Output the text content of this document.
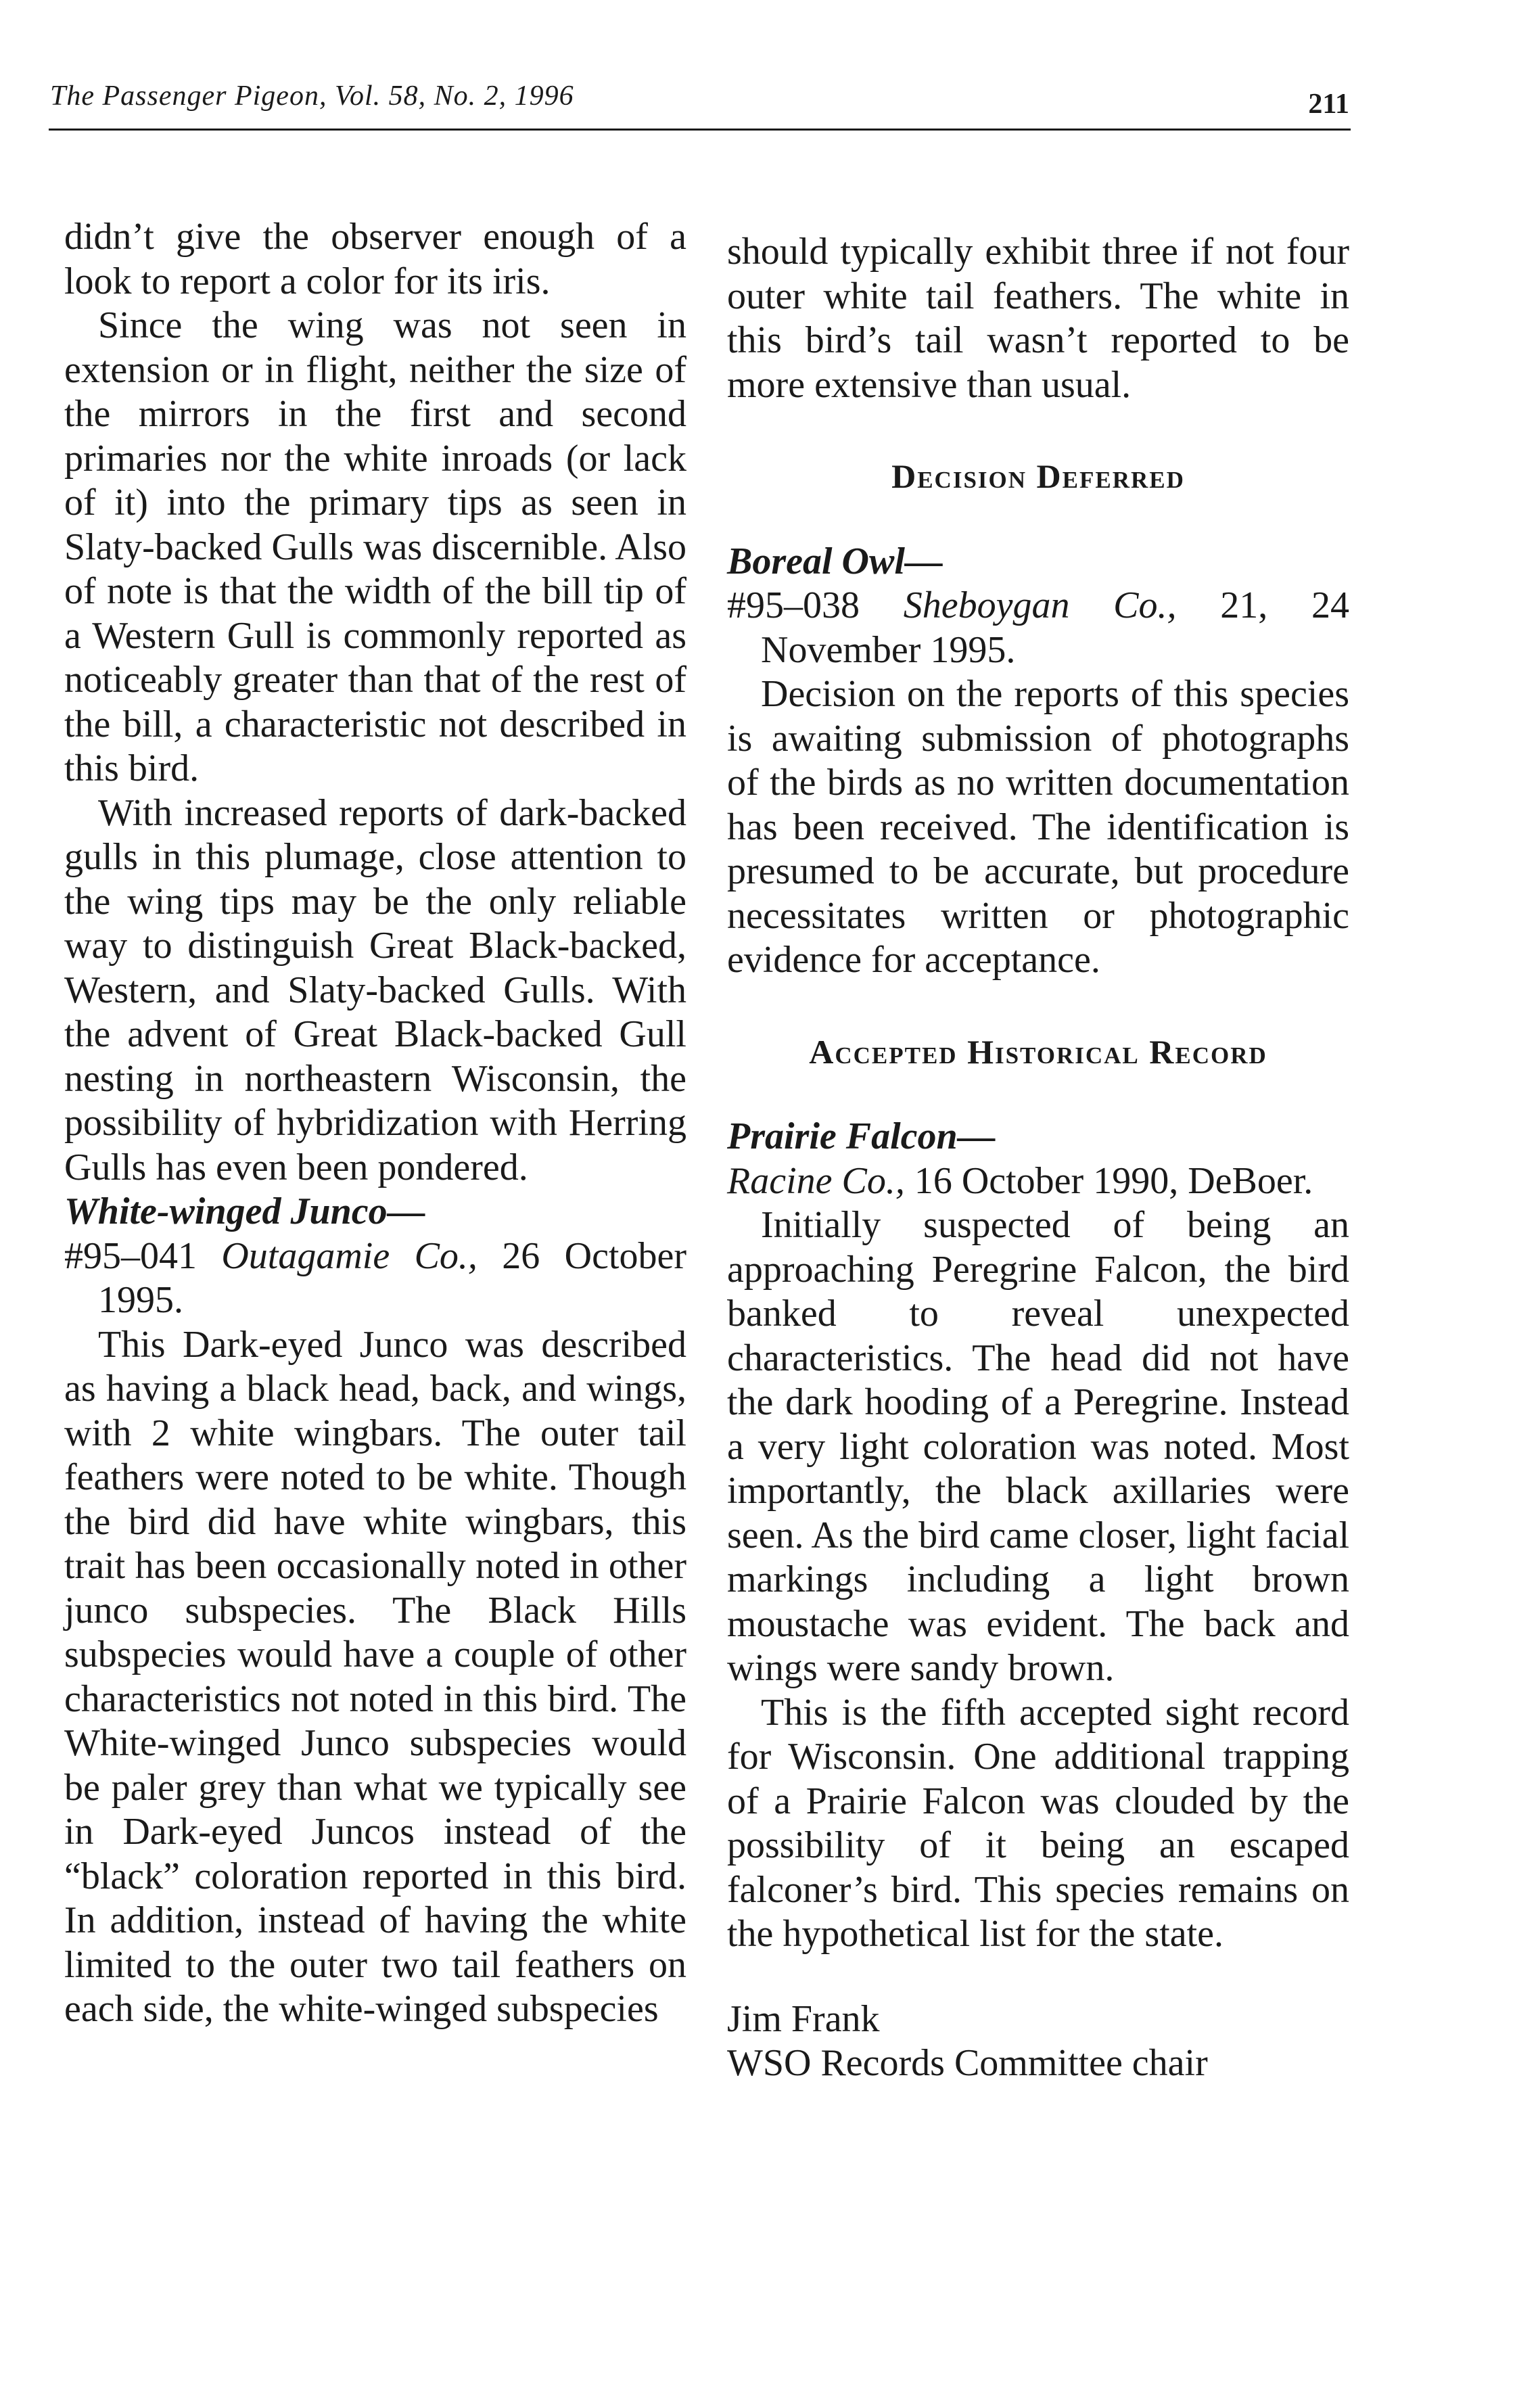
The Passenger Pigeon, Vol. 58, No. 2, 1996	211

didn’t give the observer enough of a look to report a color for its iris.

Since the wing was not seen in extension or in flight, neither the size of the mirrors in the first and second primaries nor the white inroads (or lack of it) into the primary tips as seen in Slaty-backed Gulls was discernible. Also of note is that the width of the bill tip of a Western Gull is commonly reported as noticeably greater than that of the rest of the bill, a characteristic not described in this bird.

With increased reports of dark-backed gulls in this plumage, close attention to the wing tips may be the only reliable way to distinguish Great Black-backed, Western, and Slaty-backed Gulls. With the advent of Great Black-backed Gull nesting in northeastern Wisconsin, the possibility of hybridization with Herring Gulls has even been pondered.

White-winged Junco—

#95–041 Outagamie Co., 26 October 1995.

This Dark-eyed Junco was described as having a black head, back, and wings, with 2 white wingbars. The outer tail feathers were noted to be white. Though the bird did have white wingbars, this trait has been occasionally noted in other junco subspecies. The Black Hills subspecies would have a couple of other characteristics not noted in this bird. The White-winged Junco subspecies would be paler grey than what we typically see in Dark-eyed Juncos instead of the “black” coloration reported in this bird. In addition, instead of having the white limited to the outer two tail feathers on each side, the white-winged subspecies

should typically exhibit three if not four outer white tail feathers. The white in this bird’s tail wasn’t reported to be more extensive than usual.

Decision Deferred

Boreal Owl—

#95–038 Sheboygan Co., 21, 24 November 1995.

Decision on the reports of this species is awaiting submission of photographs of the birds as no written documentation has been received. The identification is presumed to be accurate, but procedure necessitates written or photographic evidence for acceptance.

Accepted Historical Record

Prairie Falcon—

Racine Co., 16 October 1990, DeBoer.

Initially suspected of being an approaching Peregrine Falcon, the bird banked to reveal unexpected characteristics. The head did not have the dark hooding of a Peregrine. Instead a very light coloration was noted. Most importantly, the black axillaries were seen. As the bird came closer, light facial markings including a light brown moustache was evident. The back and wings were sandy brown.

This is the fifth accepted sight record for Wisconsin. One additional trapping of a Prairie Falcon was clouded by the possibility of it being an escaped falconer’s bird. This species remains on the hypothetical list for the state.

Jim Frank
WSO Records Committee chair
